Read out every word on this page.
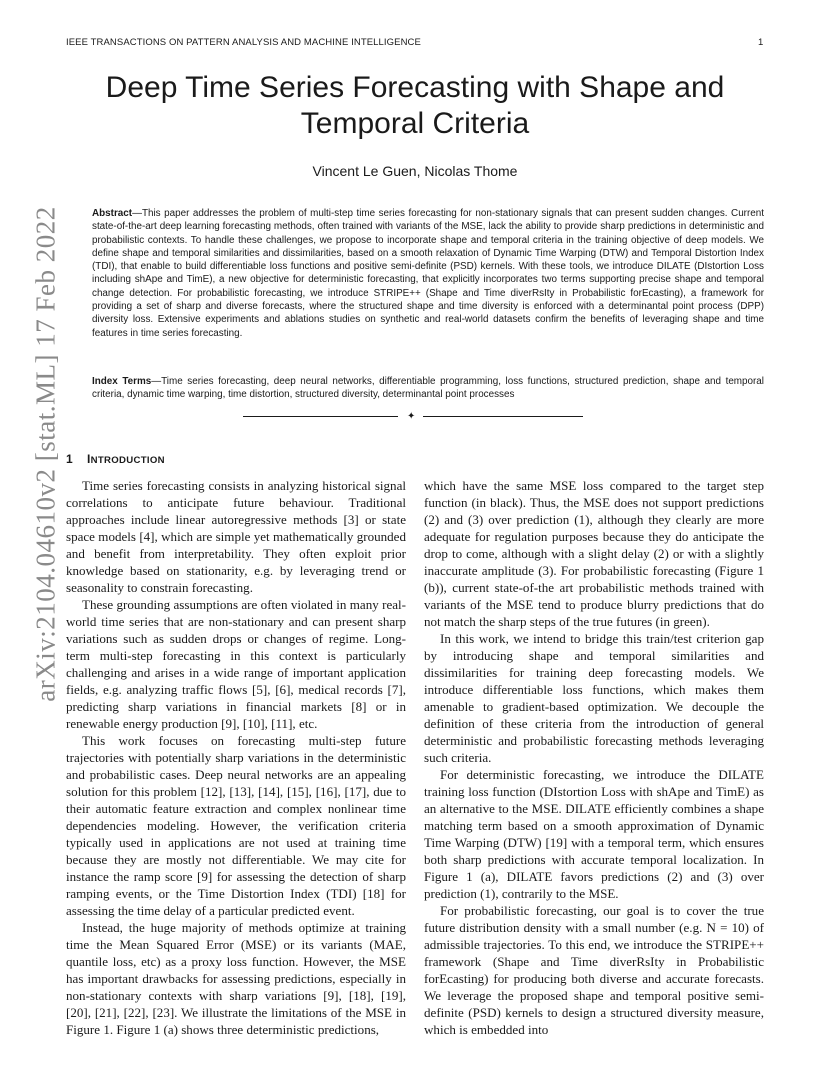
IEEE TRANSACTIONS ON PATTERN ANALYSIS AND MACHINE INTELLIGENCE	1
arXiv:2104.04610v2 [stat.ML] 17 Feb 2022
Deep Time Series Forecasting with Shape and
Temporal Criteria
Vincent Le Guen, Nicolas Thome
Abstract—This paper addresses the problem of multi-step time series forecasting for non-stationary signals that can present sudden changes. Current state-of-the-art deep learning forecasting methods, often trained with variants of the MSE, lack the ability to provide sharp predictions in deterministic and probabilistic contexts. To handle these challenges, we propose to incorporate shape and temporal criteria in the training objective of deep models. We define shape and temporal similarities and dissimilarities, based on a smooth relaxation of Dynamic Time Warping (DTW) and Temporal Distortion Index (TDI), that enable to build differentiable loss functions and positive semi-definite (PSD) kernels. With these tools, we introduce DILATE (DIstortion Loss including shApe and TimE), a new objective for deterministic forecasting, that explicitly incorporates two terms supporting precise shape and temporal change detection. For probabilistic forecasting, we introduce STRIPE++ (Shape and Time diverRsIty in Probabilistic forEcasting), a framework for providing a set of sharp and diverse forecasts, where the structured shape and time diversity is enforced with a determinantal point process (DPP) diversity loss. Extensive experiments and ablations studies on synthetic and real-world datasets confirm the benefits of leveraging shape and time features in time series forecasting.
Index Terms—Time series forecasting, deep neural networks, differentiable programming, loss functions, structured prediction, shape and temporal criteria, dynamic time warping, time distortion, structured diversity, determinantal point processes
✦
1 INTRODUCTION

Time series forecasting consists in analyzing historical signal correlations to anticipate future behaviour. Traditional approaches include linear autoregressive methods [3] or state space models [4], which are simple yet mathematically grounded and benefit from interpretability. They often exploit prior knowledge based on stationarity, e.g. by leveraging trend or seasonality to constrain forecasting.

These grounding assumptions are often violated in many real-world time series that are non-stationary and can present sharp variations such as sudden drops or changes of regime. Long-term multi-step forecasting in this context is particularly challenging and arises in a wide range of important application fields, e.g. analyzing traffic flows [5], [6], medical records [7], predicting sharp variations in financial markets [8] or in renewable energy production [9], [10], [11], etc.

This work focuses on forecasting multi-step future trajectories with potentially sharp variations in the deterministic and probabilistic cases. Deep neural networks are an appealing solution for this problem [12], [13], [14], [15], [16], [17], due to their automatic feature extraction and complex nonlinear time dependencies modeling. However, the verification criteria typically used in applications are not used at training time because they are mostly not differentiable. We may cite for instance the ramp score [9] for assessing the detection of sharp ramping events, or the Time Distortion Index (TDI) [18] for assessing the time delay of a particular predicted event.

Instead, the huge majority of methods optimize at training time the Mean Squared Error (MSE) or its variants (MAE, quantile loss, etc) as a proxy loss function. However, the MSE has important drawbacks for assessing predictions, especially in non-stationary contexts with sharp variations [9], [18], [19], [20], [21], [22], [23]. We illustrate the limitations of the MSE in Figure 1. Figure 1 (a) shows three deterministic predictions,

which have the same MSE loss compared to the target step function (in black). Thus, the MSE does not support predictions (2) and (3) over prediction (1), although they clearly are more adequate for regulation purposes because they do anticipate the drop to come, although with a slight delay (2) or with a slightly inaccurate amplitude (3). For probabilistic forecasting (Figure 1 (b)), current state-of-the art probabilistic methods trained with variants of the MSE tend to produce blurry predictions that do not match the sharp steps of the true futures (in green).

In this work, we intend to bridge this train/test criterion gap by introducing shape and temporal similarities and dissimilarities for training deep forecasting models. We introduce differentiable loss functions, which makes them amenable to gradient-based optimization. We decouple the definition of these criteria from the introduction of general deterministic and probabilistic forecasting methods leveraging such criteria.

For deterministic forecasting, we introduce the DILATE training loss function (DIstortion Loss with shApe and TimE) as an alternative to the MSE. DILATE efficiently combines a shape matching term based on a smooth approximation of Dynamic Time Warping (DTW) [19] with a temporal term, which ensures both sharp predictions with accurate temporal localization. In Figure 1 (a), DILATE favors predictions (2) and (3) over prediction (1), contrarily to the MSE.

For probabilistic forecasting, our goal is to cover the true future distribution density with a small number (e.g. N = 10) of admissible trajectories. To this end, we introduce the STRIPE++ framework (Shape and Time diverRsIty in Probabilistic forEcasting) for producing both diverse and accurate forecasts. We leverage the proposed shape and temporal positive semi-definite (PSD) kernels to design a structured diversity measure, which is embedded into
